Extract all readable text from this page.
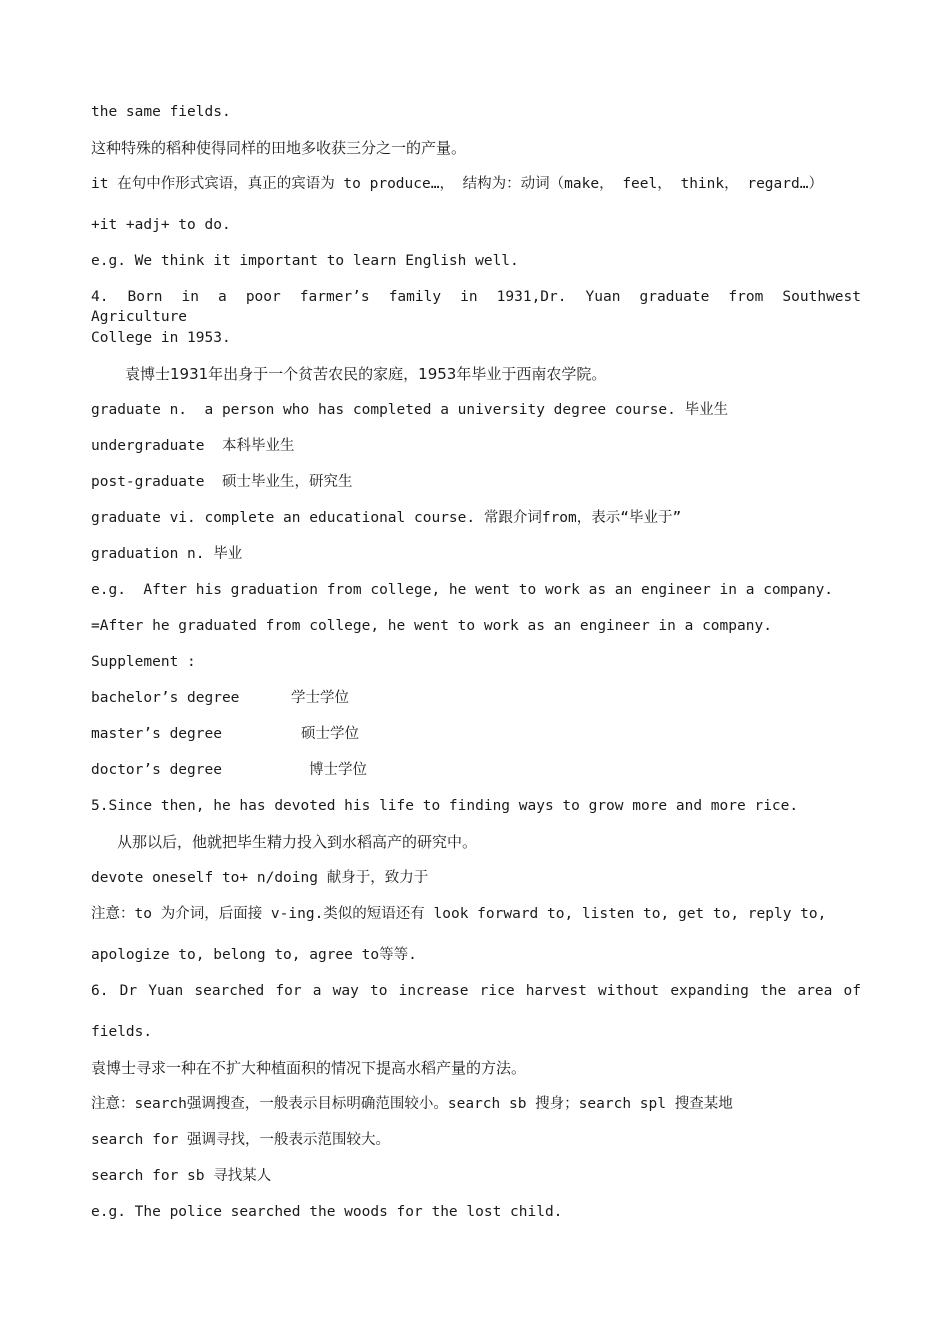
the same fields.
这种特殊的稻种使得同样的田地多收获三分之一的产量。
it 在句中作形式宾语，真正的宾语为 to produce…， 结构为：动词（make， feel， think， regard…）
+it +adj+ to do.
e.g. We think it important to learn English well.
4. Born in a poor farmer’s family in 1931,Dr. Yuan graduate from Southwest Agriculture
College in 1953.
袁博士1931年出身于一个贫苦农民的家庭，1953年毕业于西南农学院。
graduate n.  a person who has completed a university degree course. 毕业生
undergraduate  本科毕业生
post-graduate  硕士毕业生，研究生
graduate vi. complete an educational course. 常跟介词from，表示“毕业于”
graduation n. 毕业
e.g.  After his graduation from college, he went to work as an engineer in a company.
=After he graduated from college, he went to work as an engineer in a company.
Supplement :
bachelor’s degree	学士学位
master’s degree	硕士学位
doctor’s degree	博士学位
5.Since then, he has devoted his life to finding ways to grow more and more rice.
从那以后，他就把毕生精力投入到水稻高产的研究中。
devote oneself to+ n/doing 献身于，致力于
注意：to 为介词，后面接 v-ing.类似的短语还有 look forward to, listen to, get to, reply to,
apologize to, belong to, agree to等等.
6. Dr Yuan searched for a way to increase rice harvest without expanding the area of
fields.
袁博士寻求一种在不扩大种植面积的情况下提高水稻产量的方法。
注意：search强调搜查，一般表示目标明确范围较小。search sb 搜身；search spl 搜查某地
search for 强调寻找，一般表示范围较大。
search for sb 寻找某人
e.g. The police searched the woods for the lost child.
